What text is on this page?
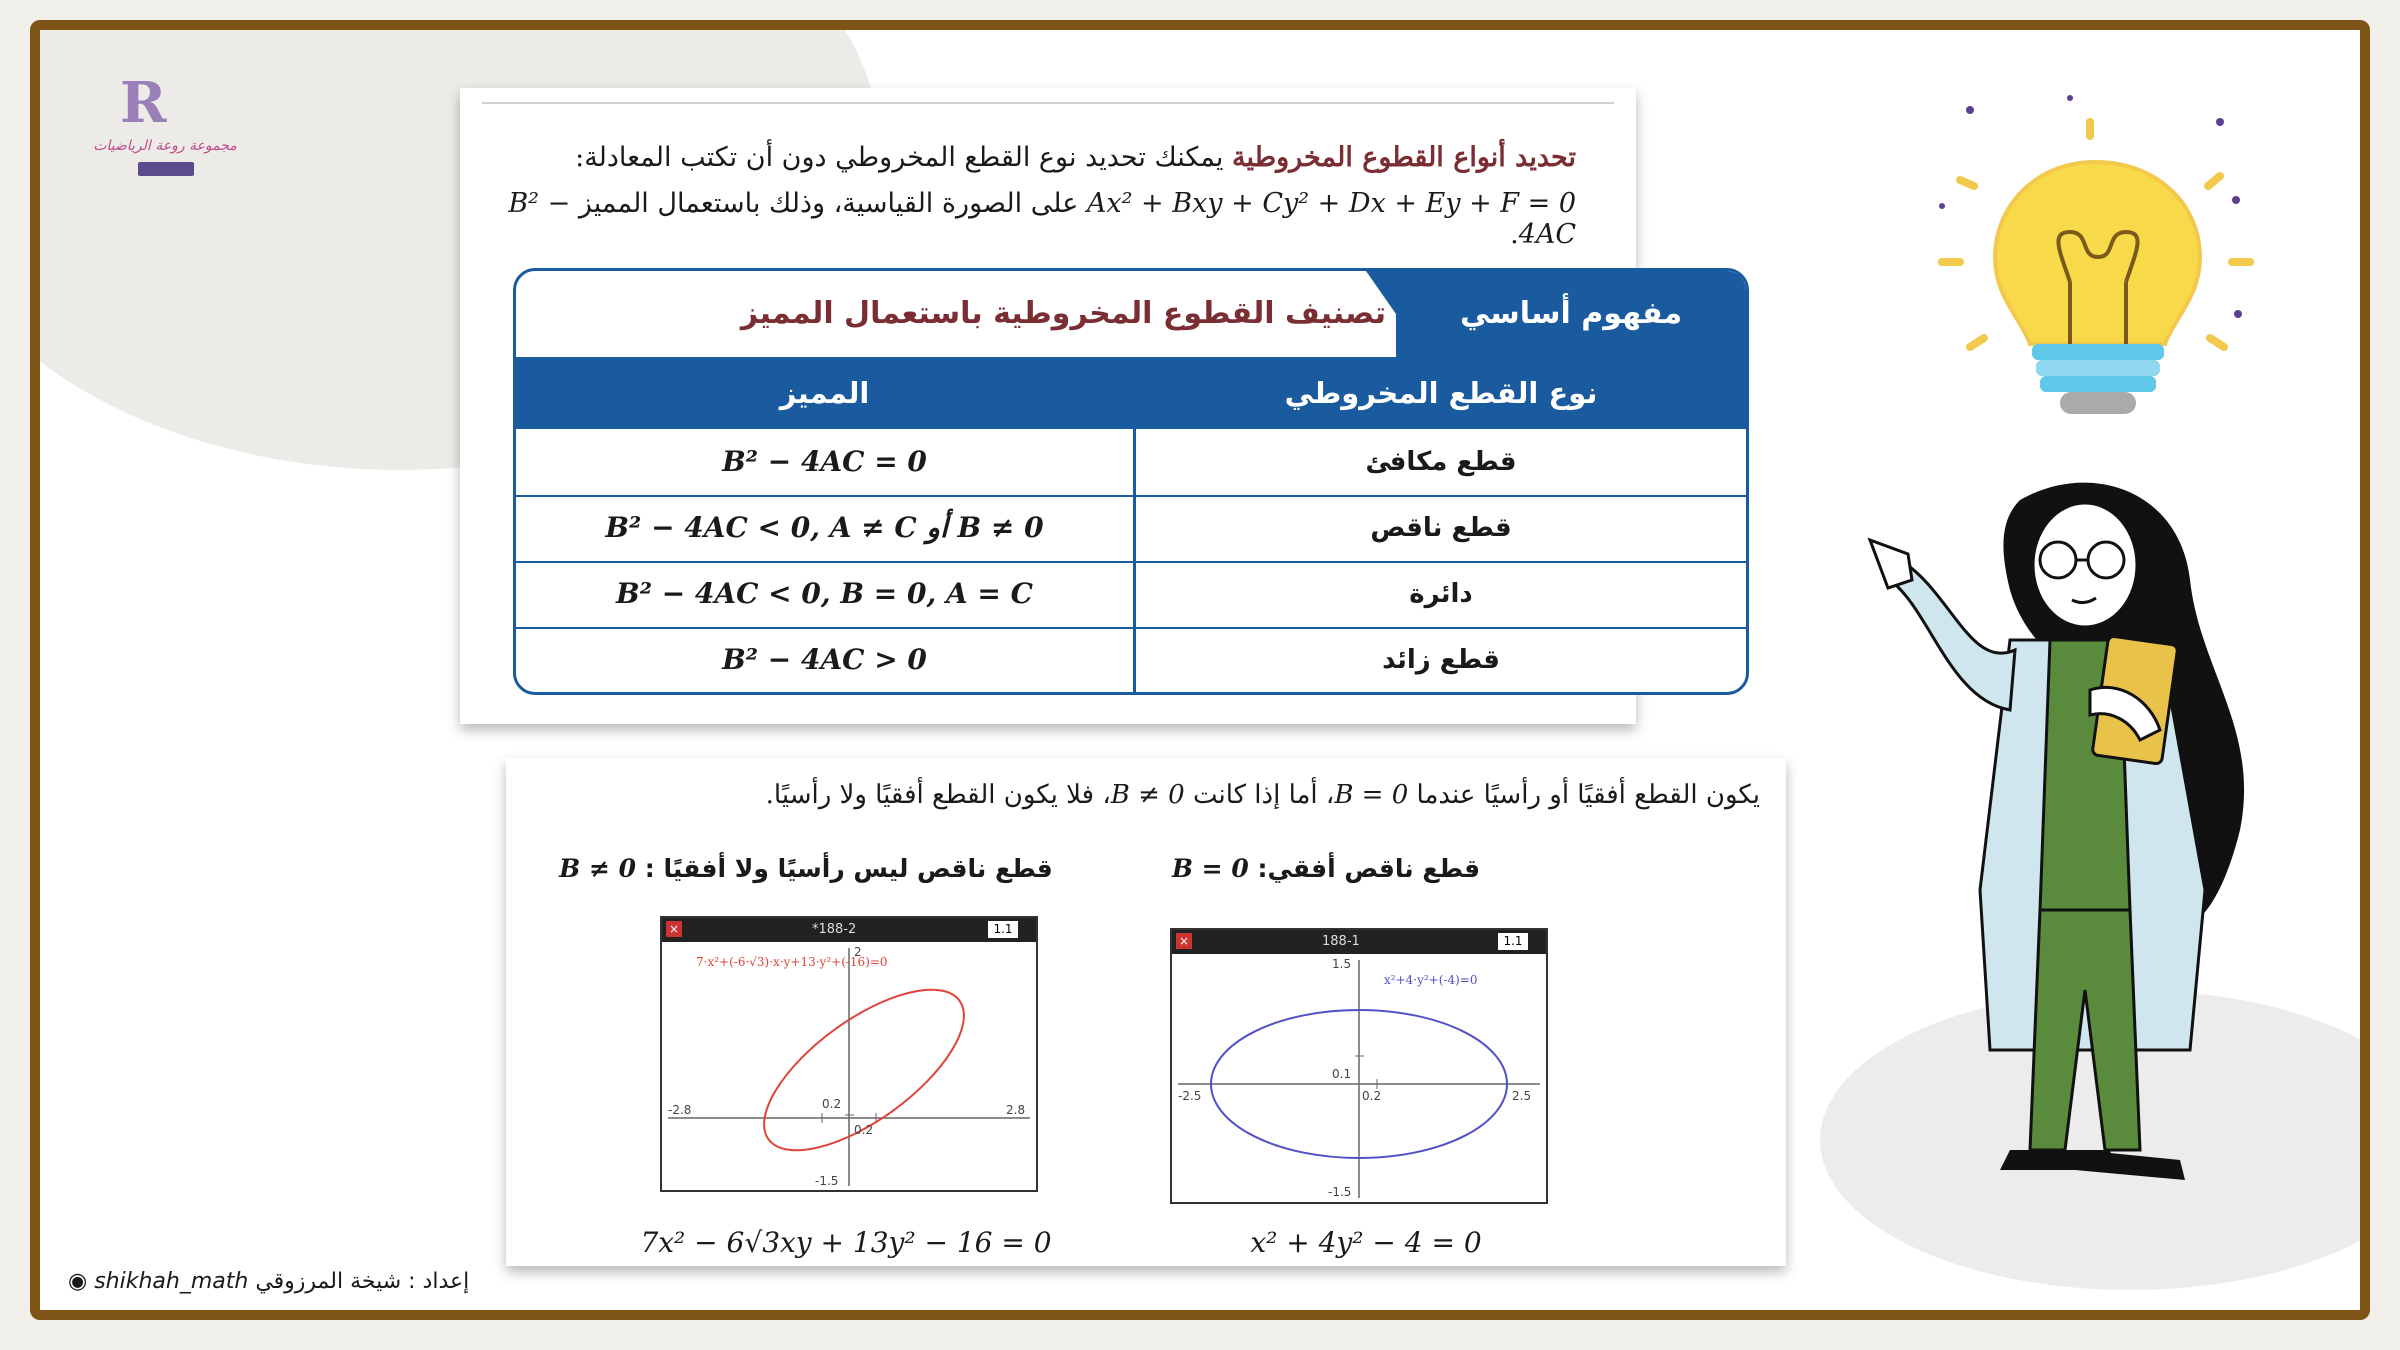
R
مجموعة روعة الرياضيات	تحديد أنواع القطوع المخروطية يمكنك تحديد نوع القطع المخروطي دون أن تكتب المعادلة:
Ax² + Bxy + Cy² + Dx + Ey + F = 0 على الصورة القياسية، وذلك باستعمال المميز B² − 4AC.
مفهوم أساسي
تصنيف القطوع المخروطية باستعمال المميز
نوع القطع المخروطي
المميز
قطع مكافئ
B² − 4AC = 0
قطع ناقص
B² − 4AC < 0, A ≠ C أو B ≠ 0
دائرة
B² − 4AC < 0, B = 0, A = C
قطع زائد
B² − 4AC > 0
يكون القطع أفقيًا أو رأسيًا عندما B = 0، أما إذا كانت B ≠ 0، فلا يكون القطع أفقيًا ولا رأسيًا.
قطع ناقص ليس رأسيًا ولا أفقيًا : B ≠ 0	قطع ناقص أفقي: B = 0
×	*188-2	1.1
7·x²+(-6·√3)·x·y+13·y²+(-16)=0
2
-1.5
-2.8	2.8
0.2
0.2
×	188-1	1.1
x²+4·y²+(-4)=0
1.5
-1.5
-2.5	2.5
0.2
0.1
7x² − 6√3xy + 13y² − 16 = 0	x² + 4y² − 4 = 0
◉ shikhah_math إعداد : شيخة المرزوقي
